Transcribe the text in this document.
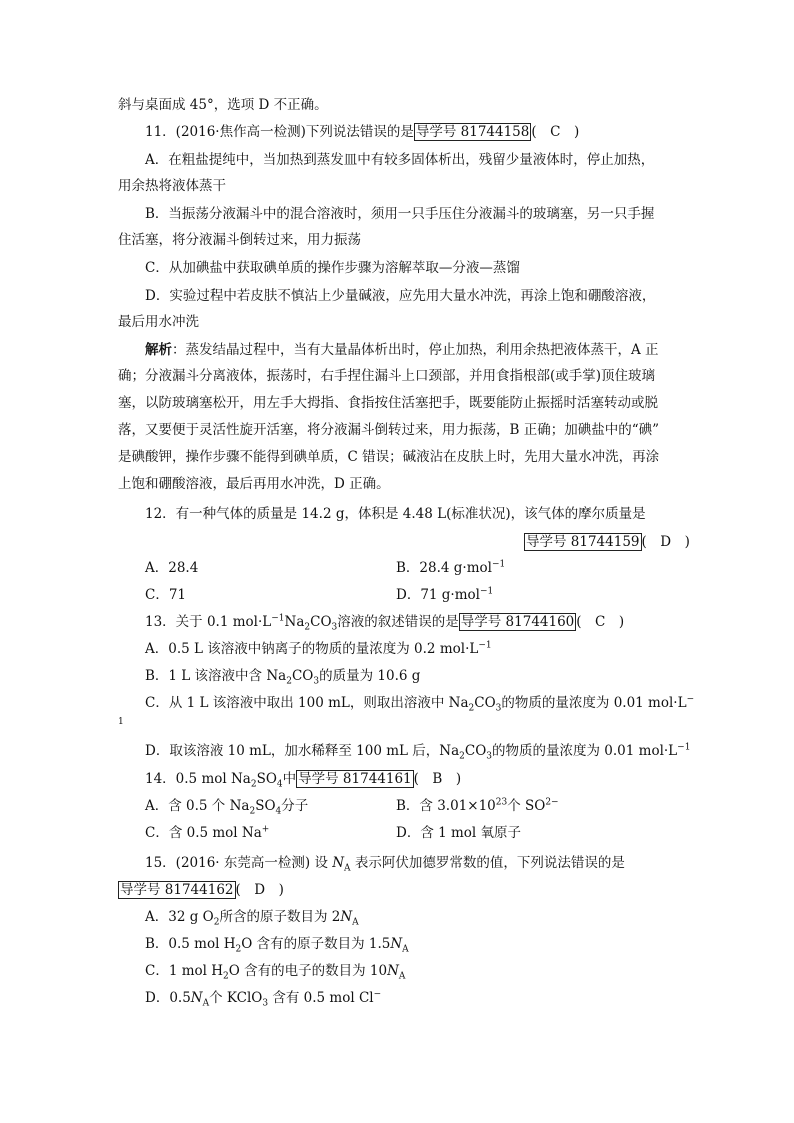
斜与桌面成 45°，选项 D 不正确。
11．(2016·焦作高一检测)下列说法错误的是 导学号 81744158 (　C　)
A．在粗盐提纯中，当加热到蒸发皿中有较多固体析出，残留少量液体时，停止加热，
用余热将液体蒸干
B．当振荡分液漏斗中的混合溶液时，须用一只手压住分液漏斗的玻璃塞，另一只手握
住活塞，将分液漏斗倒转过来，用力振荡
C．从加碘盐中获取碘单质的操作步骤为溶解萃取—分液—蒸馏
D．实验过程中若皮肤不慎沾上少量碱液，应先用大量水冲洗，再涂上饱和硼酸溶液，
最后用水冲洗
解析：蒸发结晶过程中，当有大量晶体析出时，停止加热，利用余热把液体蒸干，A 正
确；分液漏斗分离液体，振荡时，右手捏住漏斗上口颈部，并用食指根部(或手掌)顶住玻璃
塞，以防玻璃塞松开，用左手大拇指、食指按住活塞把手，既要能防止振摇时活塞转动或脱
落，又要便于灵活性旋开活塞，将分液漏斗倒转过来，用力振荡，B 正确；加碘盐中的“碘”
是碘酸钾，操作步骤不能得到碘单质，C 错误；碱液沾在皮肤上时，先用大量水冲洗，再涂
上饱和硼酸溶液，最后再用水冲洗，D 正确。
12．有一种气体的质量是 14.2 g，体积是 4.48 L(标准状况)，该气体的摩尔质量是
导学号 81744159 (　D　)
A．28.4	B．28.4 g·mol$^{-1}$
C．71	D．71 g·mol$^{-1}$
13．关于 0.1 $mol\cdot L^{-1}Na_2CO_3$溶液的叙述错误的是 导学号 81744160 (　C　)
A．0.5 L 该溶液中钠离子的物质的量浓度为 0.2 $mol\cdot L^{-1}$
B．1 L 该溶液中含 $Na_2CO_3$的质量为 10.6 g
C．从 1 L 该溶液中取出 100 mL，则取出溶液中 $Na_2CO_3$的物质的量浓度为 0.01 mol·L−
1
D．取该溶液 10 mL，加水稀释至 100 mL 后，$Na_2CO_3$的物质的量浓度为 0.01 $mol\cdot L^{-1}$
14．0.5 mol $Na_2SO_4$中 导学号 81744161 (　B　)
A．含 0.5 个 $Na_2SO_4$分子	B．含 $3.01\times 10^{23}$个 $SO^{2-}$
C．含 0.5 mol Na+	D．含 1 mol 氧原子
15．(2016· 东莞高一检测) 设 $N_A$ 表示阿伏加德罗常数的值，下列说法错误的是
导学号 81744162 (　D　)
A．32 g $O_2$所含的原子数目为 $2N_A$
B．0.5 mol $H_2O$ 含有的原子数目为 $1.5N_A$
C．1 mol $H_2O$ 含有的电子的数目为 $10N_A$
D．$0.5N_A$个 KClO$_3$ 含有 0.5 mol Cl−
